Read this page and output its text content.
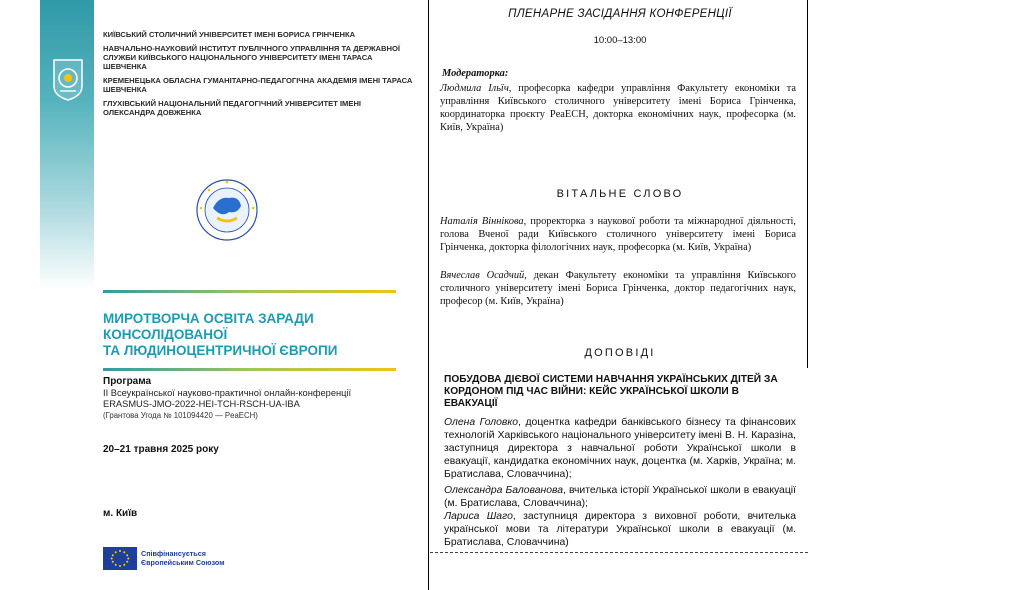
КИЇВСЬКИЙ СТОЛИЧНИЙ УНІВЕРСИТЕТ ІМЕНІ БОРИСА ГРІНЧЕНКА
НАВЧАЛЬНО-НАУКОВИЙ ІНСТИТУТ ПУБЛІЧНОГО УПРАВЛІННЯ ТА ДЕРЖАВНОЇ СЛУЖБИ КИЇВСЬКОГО НАЦІОНАЛЬНОГО УНІВЕРСИТЕТУ ІМЕНІ ТАРАСА ШЕВЧЕНКА
КРЕМЕНЕЦЬКА ОБЛАСНА ГУМАНІТАРНО-ПЕДАГОГІЧНА АКАДЕМІЯ ІМЕНІ ТАРАСА ШЕВЧЕНКА
ГЛУХІВСЬКИЙ НАЦІОНАЛЬНИЙ ПЕДАГОГІЧНИЙ УНІВЕРСИТЕТ ІМЕНІ ОЛЕКСАНДРА ДОВЖЕНКА
МИРОТВОРЧА ОСВІТА ЗАРАДИ
КОНСОЛІДОВАНОЇ
ТА ЛЮДИНОЦЕНТРИЧНОЇ ЄВРОПИ
Програма
ІІ Всеукраїнської науково-практичної онлайн-конференції
ERASMUS-JMO-2022-HEI-TCH-RSCH-UA-IBA
(Грантова Угода № 101094420 — PeaECH)
20–21 травня 2025 року
м. Київ
Співфінансується
Європейським Союзом
ПЛЕНАРНЕ ЗАСІДАННЯ КОНФЕРЕНЦІЇ
10:00–13:00
Модераторка:
Людмила Ільїч, професорка кафедри управління Факультету економіки та управління Київського столичного університету імені Бориса Грінченка, координаторка проєкту PeaECH, докторка економічних наук, професорка (м. Київ, Україна)
ВІТАЛЬНЕ СЛОВО
Наталія Віннікова, проректорка з наукової роботи та міжнародної діяльності, голова Вченої ради Київського столичного університету імені Бориса Грінченка, докторка філологічних наук, професорка (м. Київ, Україна)
Вячеслав Осадчий, декан Факультету економіки та управління Київського столичного університету імені Бориса Грінченка, доктор педагогічних наук, професор (м. Київ, Україна)
ДОПОВІДІ
ПОБУДОВА ДІЄВОЇ СИСТЕМИ НАВЧАННЯ УКРАЇНСЬКИХ ДІТЕЙ ЗА КОРДОНОМ ПІД ЧАС ВІЙНИ: КЕЙС УКРАЇНСЬКОЇ ШКОЛИ В ЕВАКУАЦІЇ
Олена Головко, доцентка кафедри банківського бізнесу та фінансових технологій Харківського національного університету імені В. Н. Каразіна, заступниця директора з навчальної роботи Української школи в евакуації, кандидатка економічних наук, доцентка (м. Харків, Україна; м. Братислава, Словаччина);
Олександра Балованова, вчителька історії Української школи в евакуації (м. Братислава, Словаччина);
Лариса Шаго, заступниця директора з виховної роботи, вчителька української мови та літератури Української школи в евакуації (м. Братислава, Словаччина)
